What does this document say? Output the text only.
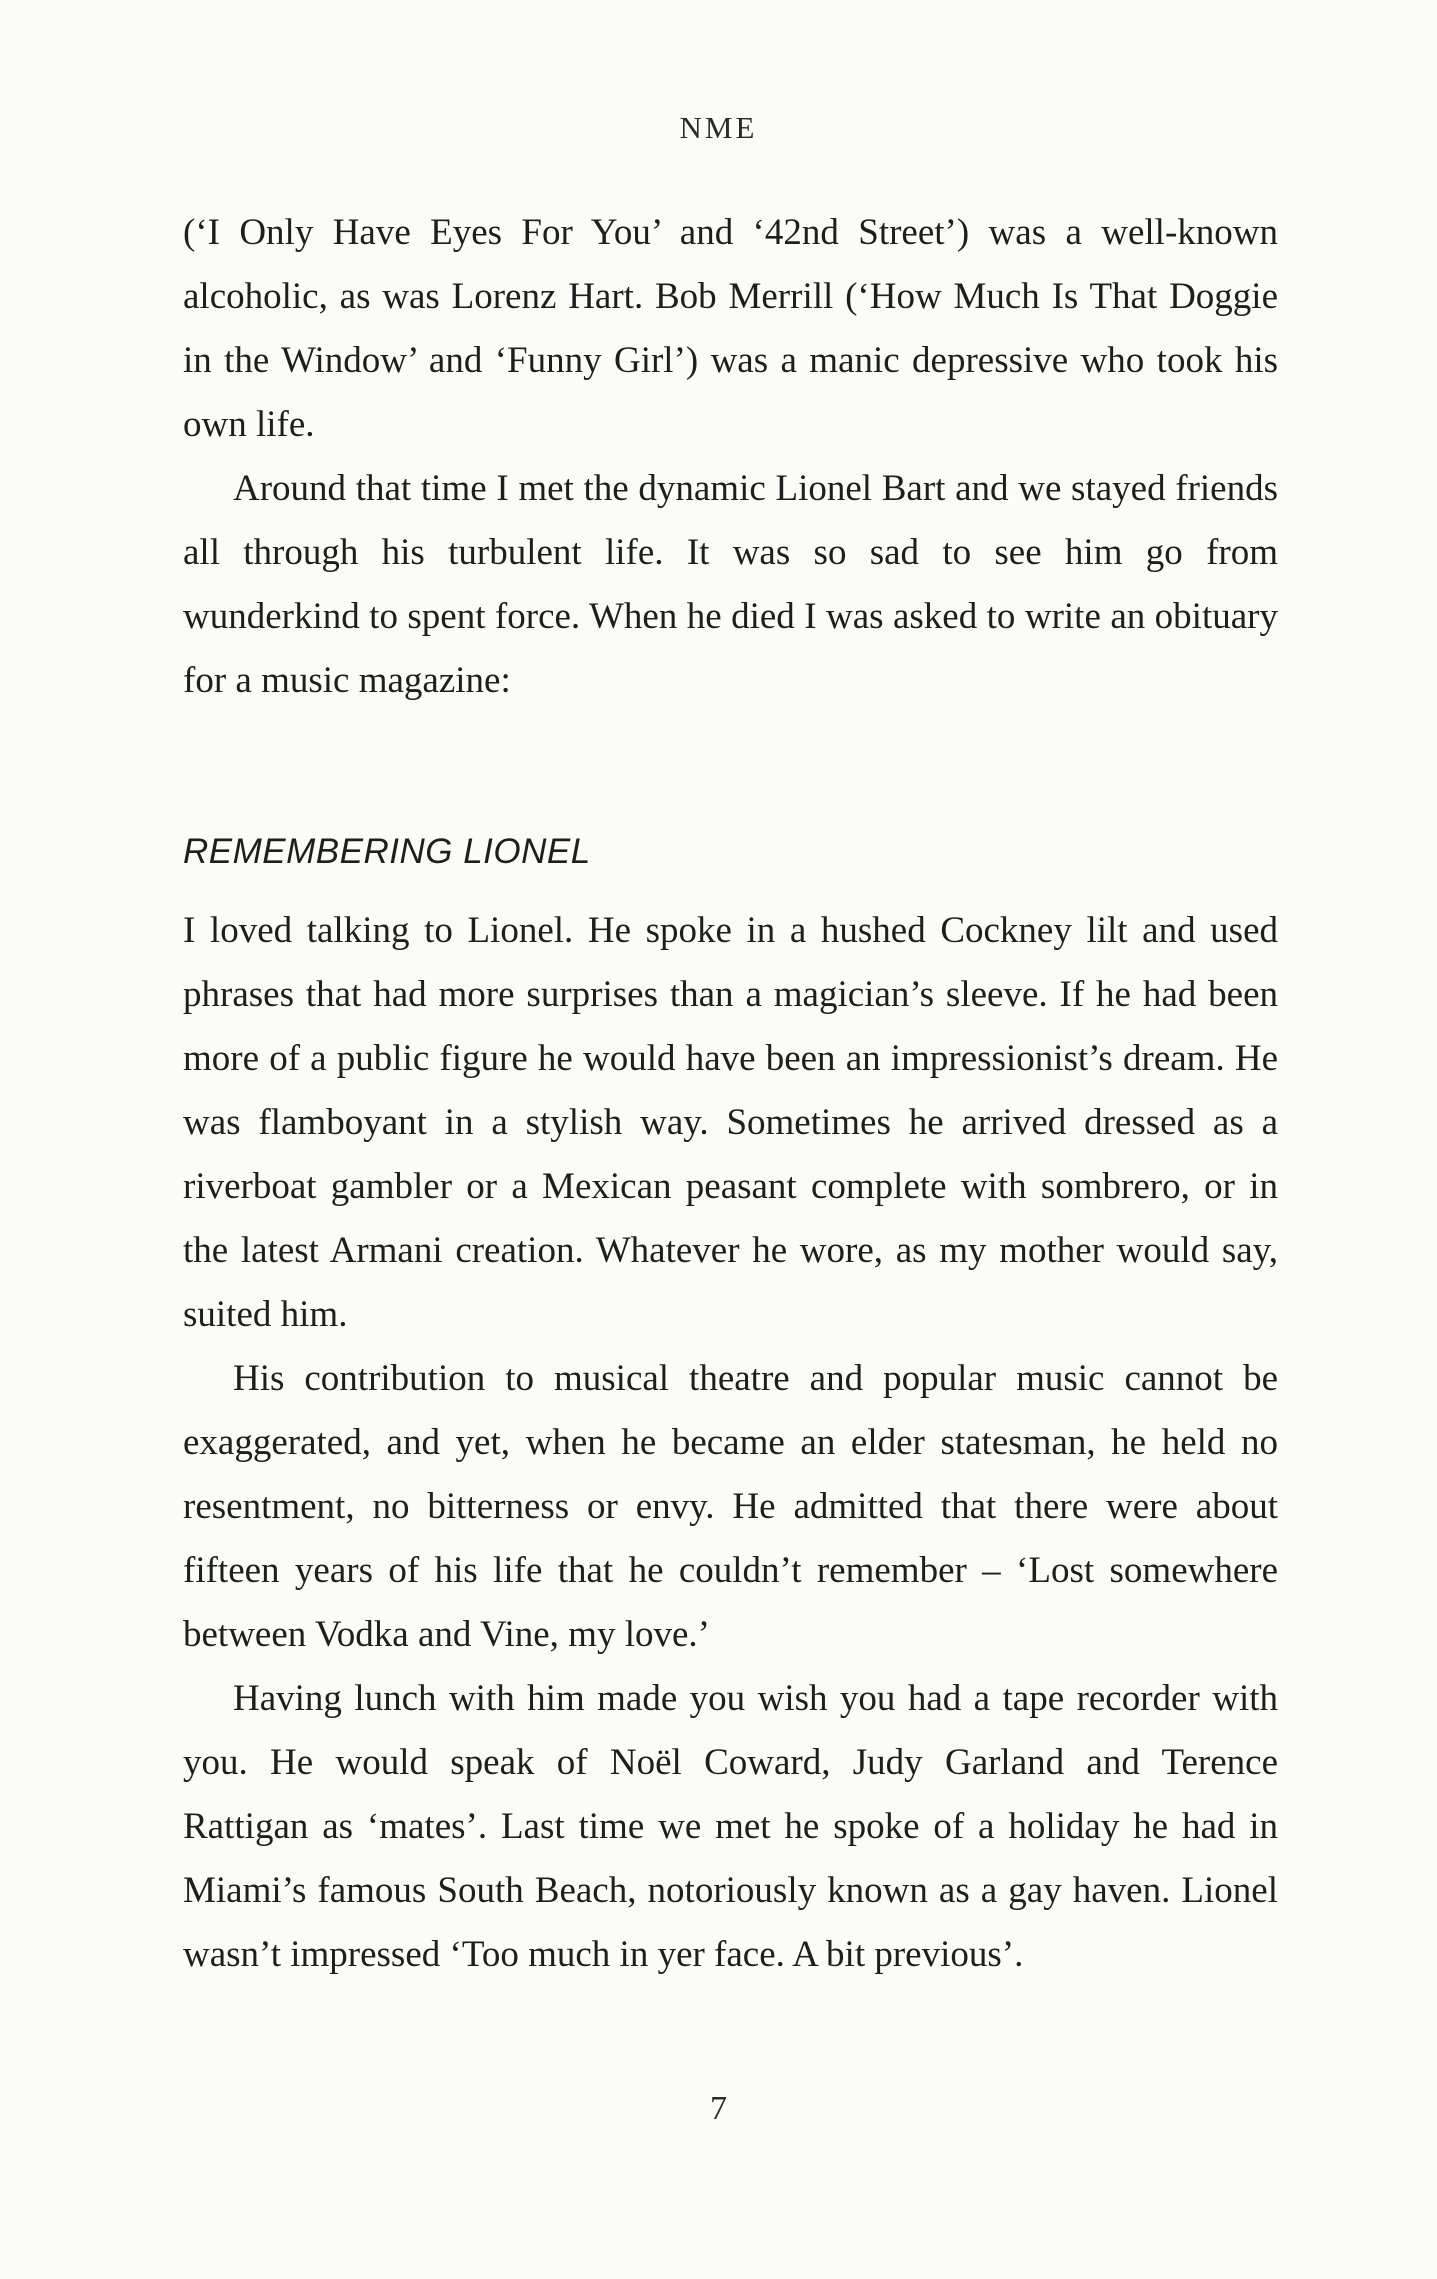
NME

(‘I Only Have Eyes For You’ and ‘42nd Street’) was a well-known alcoholic, as was Lorenz Hart. Bob Merrill (‘How Much Is That Doggie in the Window’ and ‘Funny Girl’) was a manic depressive who took his own life.

Around that time I met the dynamic Lionel Bart and we stayed friends all through his turbulent life. It was so sad to see him go from wunderkind to spent force. When he died I was asked to write an obituary for a music magazine:

REMEMBERING LIONEL

I loved talking to Lionel. He spoke in a hushed Cockney lilt and used phrases that had more surprises than a magician’s sleeve. If he had been more of a public figure he would have been an impressionist’s dream. He was flamboyant in a stylish way. Sometimes he arrived dressed as a riverboat gambler or a Mexican peasant complete with sombrero, or in the latest Armani creation. Whatever he wore, as my mother would say, suited him.

His contribution to musical theatre and popular music cannot be exaggerated, and yet, when he became an elder statesman, he held no resentment, no bitterness or envy. He admitted that there were about fifteen years of his life that he couldn’t remember – ‘Lost somewhere between Vodka and Vine, my love.’

Having lunch with him made you wish you had a tape recorder with you. He would speak of Noël Coward, Judy Garland and Terence Rattigan as ‘mates’. Last time we met he spoke of a holiday he had in Miami’s famous South Beach, notoriously known as a gay haven. Lionel wasn’t impressed ‘Too much in yer face. A bit previous’.

7
